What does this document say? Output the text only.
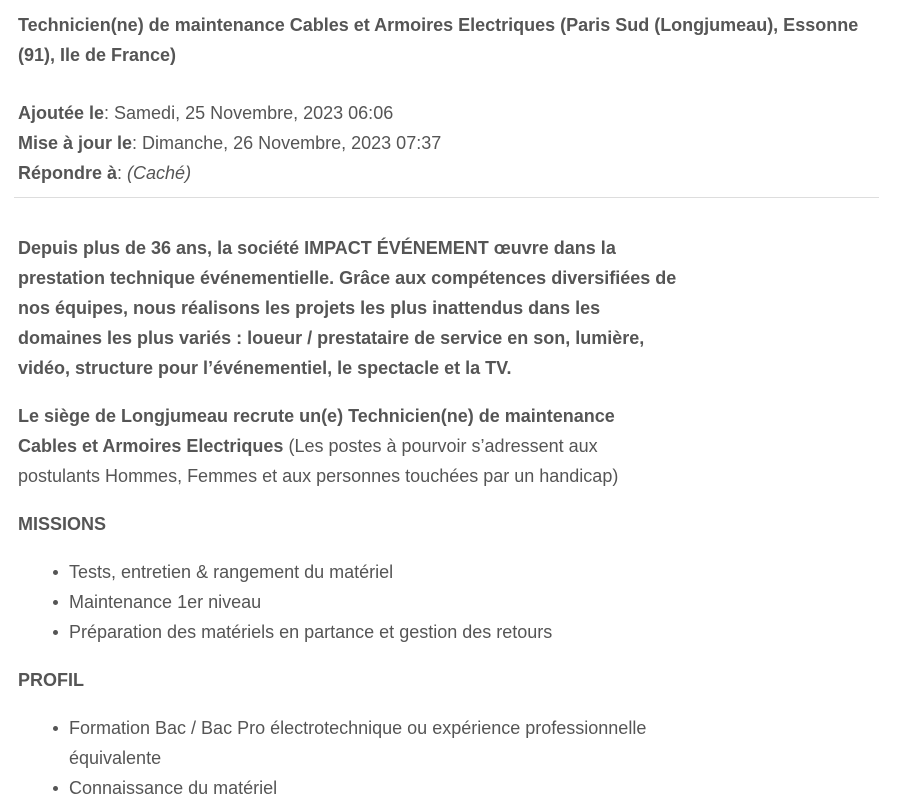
Technicien(ne) de maintenance Cables et Armoires Electriques (Paris Sud (Longjumeau), Essonne (91), Ile de France)
Ajoutée le: Samedi, 25 Novembre, 2023 06:06
Mise à jour le: Dimanche, 26 Novembre, 2023 07:37
Répondre à: (Caché)

Depuis plus de 36 ans, la société IMPACT ÉVÉNEMENT œuvre dans la prestation technique événementielle. Grâce aux compétences diversifiées de nos équipes, nous réalisons les projets les plus inattendus dans les domaines les plus variés : loueur / prestataire de service en son, lumière, vidéo, structure pour l’événementiel, le spectacle et la TV.

Le siège de Longjumeau recrute un(e) Technicien(ne) de maintenance Cables et Armoires Electriques (Les postes à pourvoir s’adressent aux postulants Hommes, Femmes et aux personnes touchées par un handicap)

MISSIONS
Tests, entretien & rangement du matériel
Maintenance 1er niveau
Préparation des matériels en partance et gestion des retours
PROFIL
Formation Bac / Bac Pro électrotechnique ou expérience professionnelle équivalente
Connaissance du matériel
